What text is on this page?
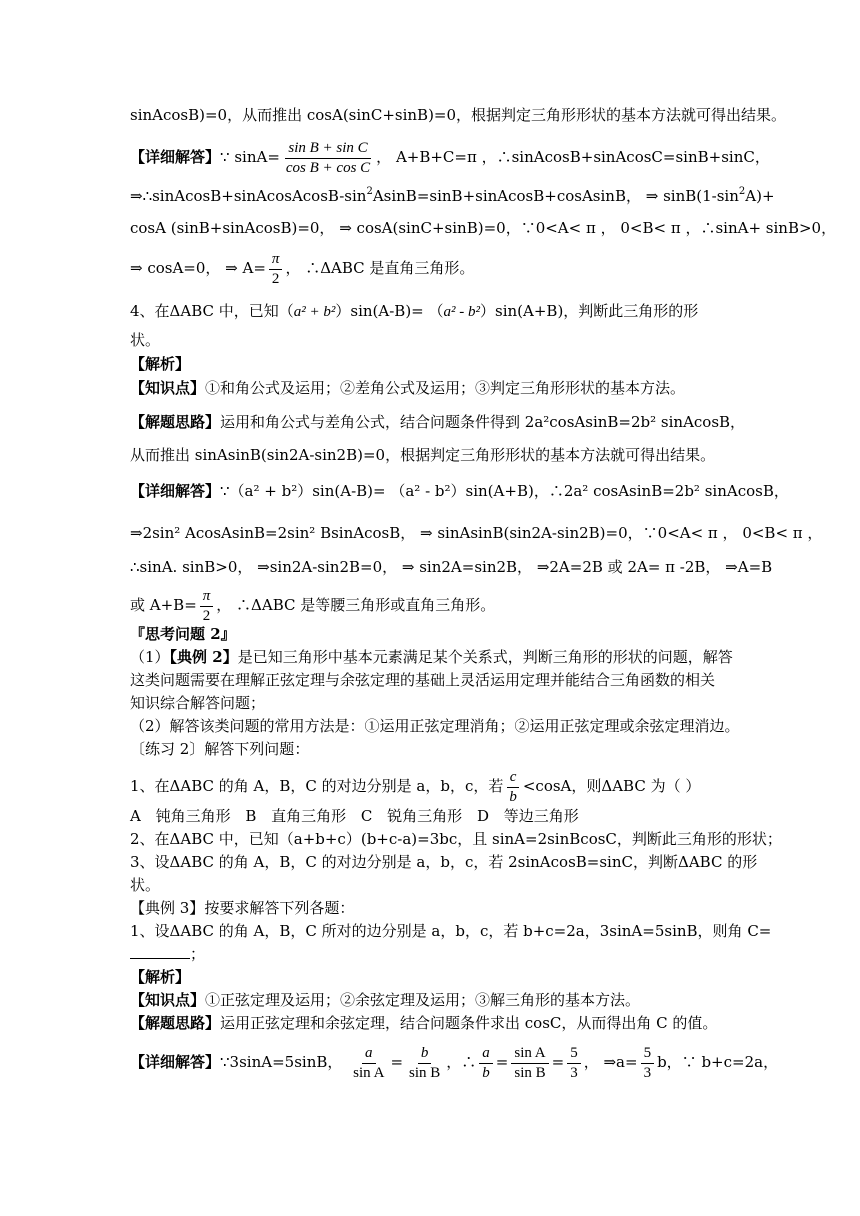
sinAcosB)=0，从而推出 cosA(sinC+sinB)=0，根据判定三角形形状的基本方法就可得出结果。
【详细解答】∵ $\sin A= \frac{\text{sin B + sin C}}{\text{cos B + cos C}}$ ， A+B+C=π ，∴sinAcosB+sinAcosC=sinB+sinC，
$\Rightarrow\therefore sinAcosB+sinAcosAcosB-\sin^2AsinB=\sin B+sinAcosB+cosAsinB$， ⇒ $\sin B(1-\sin^2A)+$
cosA (sinB+sinAcosB)=0， ⇒ cosA(sinC+sinB)=0，∵0<A< π ， 0<B< π ，∴sinA+ sinB>0，
⇒ cosA=0， ⇒ $A= \frac{\pi}{2}$ ， ∴ΔABC 是直角三角形。
4、在ΔABC 中，已知（a² + b²）sin(A-B)= （a² - b²）sin(A+B)，判断此三角形的形
状。
【解析】
【知识点】①和角公式及运用；②差角公式及运用；③判定三角形形状的基本方法。
【解题思路】运用和角公式与差角公式，结合问题条件得到 2a²cosAsinB=2b² sinAcosB，
从而推出 sinAsinB(sin2A-sin2B)=0，根据判定三角形形状的基本方法就可得出结果。
【详细解答】∵（a² + b²）sin(A-B)= （a² - b²）sin(A+B)，∴2a² cosAsinB=2b² sinAcosB，
⇒2sin² AcosAsinB=2sin² BsinAcosB， ⇒ sinAsinB(sin2A-sin2B)=0，∵0<A< π ， 0<B< π ，
∴sinA. sinB>0， ⇒sin2A-sin2B=0， ⇒ sin2A=sin2B， ⇒2A=2B 或 2A= π -2B， ⇒A=B
或 $A+B= \frac{\pi}{2}$ ， ∴ΔABC 是等腰三角形或直角三角形。
『思考问题 2』
（1）【典例 2】是已知三角形中基本元素满足某个关系式，判断三角形的形状的问题，解答
这类问题需要在理解正弦定理与余弦定理的基础上灵活运用定理并能结合三角函数的相关
知识综合解答问题；
（2）解答该类问题的常用方法是：①运用正弦定理消角；②运用正弦定理或余弦定理消边。
〔练习 2〕解答下列问题：
1、在ΔABC 的角 A，B，C 的对边分别是 a，b，c，若 $\frac{c}{b} <\cos A$，则ΔABC 为（ ）
A 钝角三角形 B 直角三角形 C 锐角三角形 D 等边三角形
2、在ΔABC 中，已知（a+b+c）(b+c-a)=3bc，且 sinA=2sinBcosC，判断此三角形的形状；
3、设ΔABC 的角 A，B，C 的对边分别是 a，b，c，若 2sinAcosB=sinC，判断ΔABC 的形
状。
【典例 3】按要求解答下列各题：
1、设ΔABC 的角 A，B，C 所对的边分别是 a，b，c，若 b+c=2a，3sinA=5sinB，则角 C=
；
【解析】
【知识点】①正弦定理及运用；②余弦定理及运用；③解三角形的基本方法。
【解题思路】运用正弦定理和余弦定理，结合问题条件求出 cosC，从而得出角 C 的值。
【详细解答】∵3sinA=5sinB， $\frac{a}{\text{sin A}} = \frac{b}{\text{sin B}}$ ，∴ $\frac{a}{b} = \frac{\text{sin A}}{\text{sin B}} = \frac{5}{3}$ ， ⇒a= $\frac{5}{3}$ b，∵ b+c=2a，
